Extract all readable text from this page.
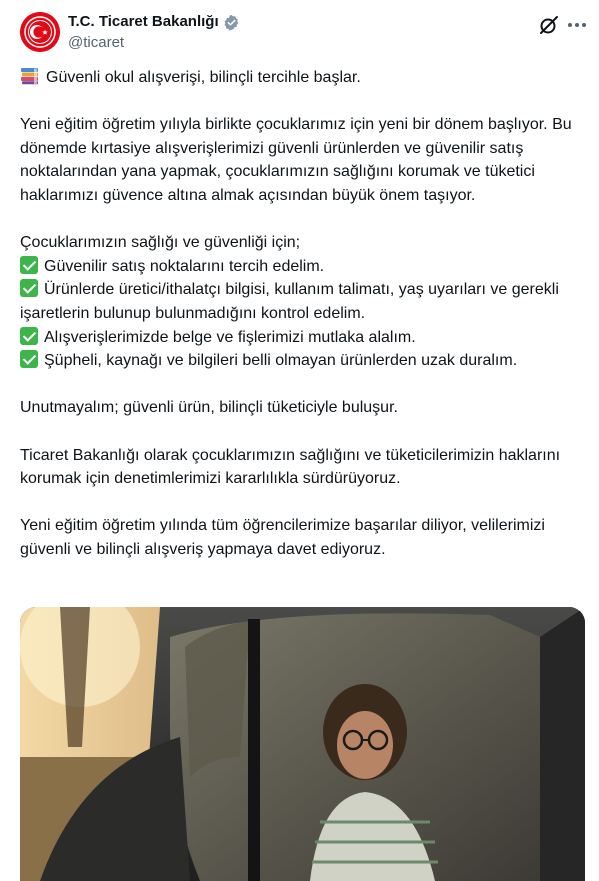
T.C. Ticaret Bakanlığı
@ticaret

Güvenli okul alışverişi, bilinçli tercihle başlar.

Yeni eğitim öğretim yılıyla birlikte çocuklarımız için yeni bir dönem başlıyor. Bu dönemde kırtasiye alışverişlerimizi güvenli ürünlerden ve güvenilir satış noktalarından yana yapmak, çocuklarımızın sağlığını korumak ve tüketici haklarımızı güvence altına almak açısından büyük önem taşıyor.

Çocuklarımızın sağlığı ve güvenliği için;

Güvenilir satış noktalarını tercih edelim.

Ürünlerde üretici/ithalatçı bilgisi, kullanım talimatı, yaş uyarıları ve gerekli işaretlerin bulunup bulunmadığını kontrol edelim.

Alışverişlerimizde belge ve fişlerimizi mutlaka alalım.

Şüpheli, kaynağı ve bilgileri belli olmayan ürünlerden uzak duralım.

Unutmayalım; güvenli ürün, bilinçli tüketiciyle buluşur.

Ticaret Bakanlığı olarak çocuklarımızın sağlığını ve tüketicilerimizin haklarını korumak için denetimlerimizi kararlılıkla sürdürüyoruz.

Yeni eğitim öğretim yılında tüm öğrencilerimize başarılar diliyor, velilerimizi güvenli ve bilinçli alışveriş yapmaya davet ediyoruz.
